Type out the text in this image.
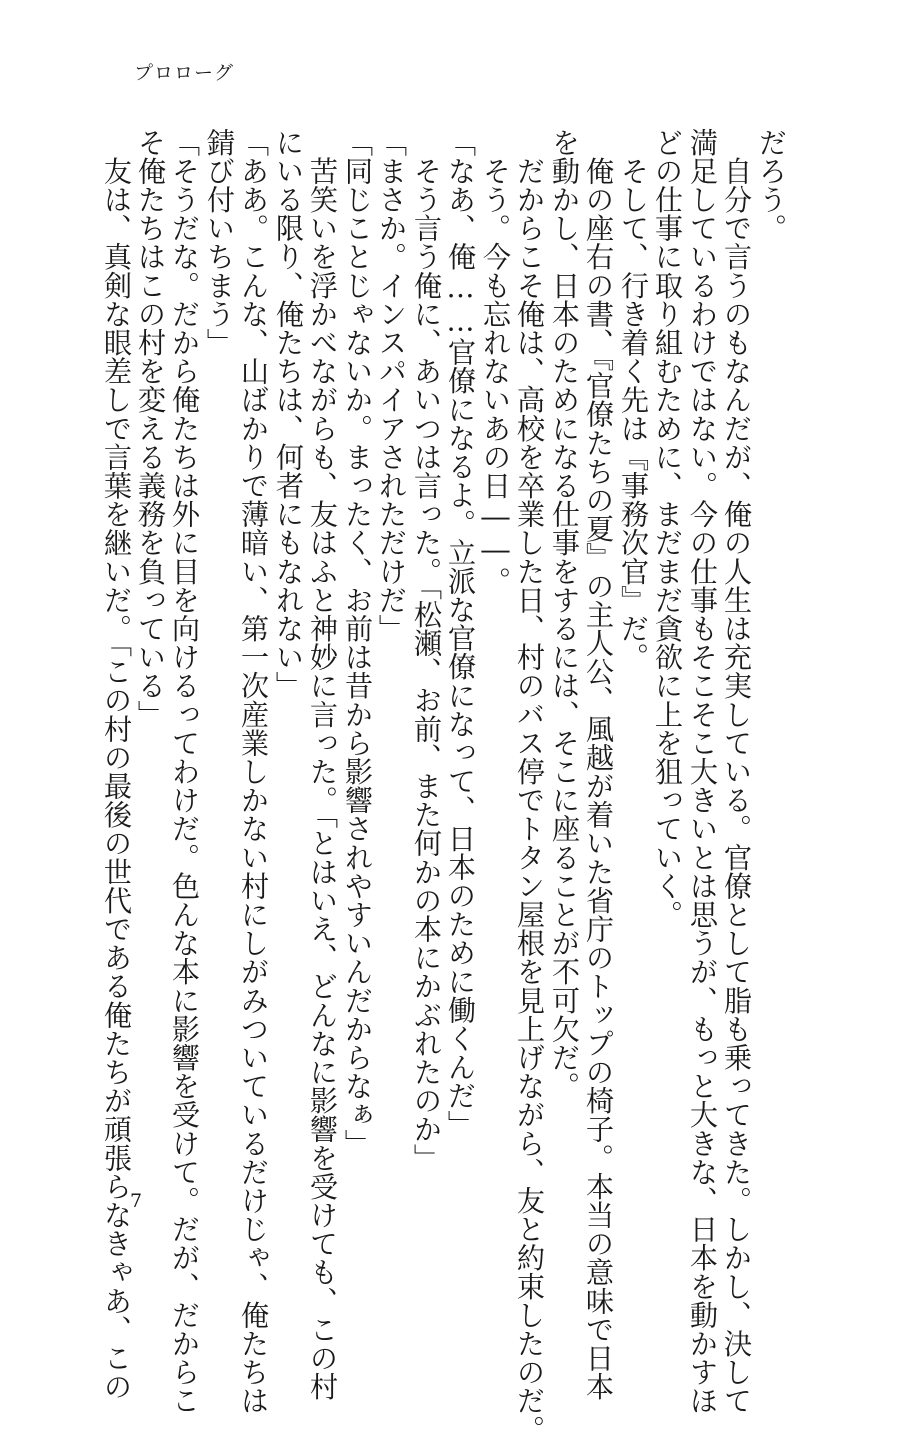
プロローグ
だろう。
　自分で言うのもなんだが、俺の人生は充実している。官僚として脂も乗ってきた。しかし、決して
満足しているわけではない。今の仕事もそこそこ大きいとは思うが、もっと大きな、日本を動かすほ
どの仕事に取り組むために、まだまだ貪欲に上を狙っていく。
　そして、行き着く先は『事務次官』だ。
　俺の座右の書、『官僚たちの夏』の主人公、風越が着いた省庁のトップの椅子。本当の意味で日本
を動かし、日本のためになる仕事をするには、そこに座ることが不可欠だ。
　だからこそ俺は、高校を卒業した日、村のバス停でトタン屋根を見上げながら、友と約束したのだ。
　そう。今も忘れないあの日――。
「なあ、俺……官僚になるよ。立派な官僚になって、日本のために働くんだ」
　そう言う俺に、あいつは言った。「松瀬、お前、また何かの本にかぶれたのか」
「まさか。インスパイアされただけだ」
「同じことじゃないか。まったく、お前は昔から影響されやすいんだからなぁ」
　苦笑いを浮かべながらも、友はふと神妙に言った。「とはいえ、どんなに影響を受けても、この村
にいる限り、俺たちは、何者にもなれない」
「ああ。こんな、山ばかりで薄暗い、第一次産業しかない村にしがみついているだけじゃ、俺たちは
錆び付いちまう」
「そうだな。だから俺たちは外に目を向けるってわけだ。色んな本に影響を受けて。だが、だからこ
そ俺たちはこの村を変える義務を負っている」
　友は、真剣な眼差しで言葉を継いだ。「この村の最後の世代である俺たちが頑張らなきゃあ、この
7
